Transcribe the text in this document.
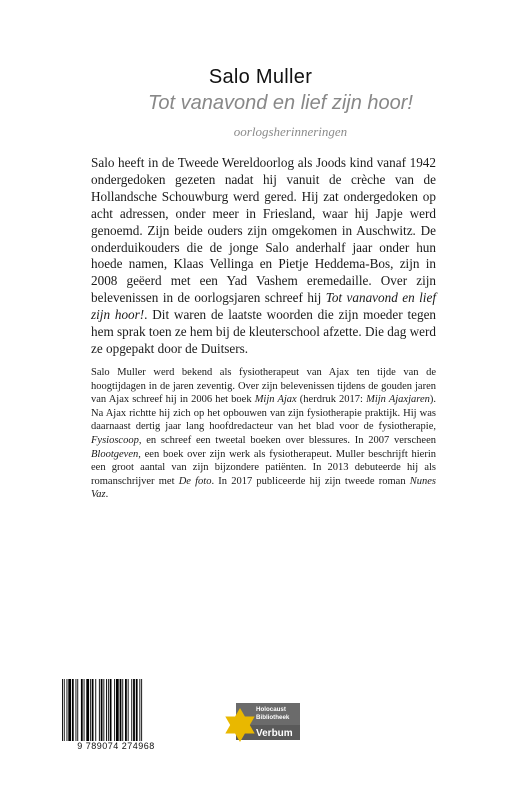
Salo Muller
Tot vanavond en lief zijn hoor!
oorlogsherinneringen

Salo heeft in de Tweede Wereldoorlog als Joods kind vanaf 1942 ondergedoken gezeten nadat hij vanuit de crèche van de Hollandsche Schouwburg werd gered. Hij zat ondergedoken op acht adressen, onder meer in Friesland, waar hij Japje werd genoemd. Zijn beide ouders zijn omgekomen in Auschwitz. De onderduikouders die de jonge Salo anderhalf jaar onder hun hoede namen, Klaas Vellinga en Pietje Heddema-Bos, zijn in 2008 geëerd met een Yad Vashem eremedaille. Over zijn belevenissen in de oorlogsjaren schreef hij Tot vanavond en lief zijn hoor!. Dit waren de laatste woorden die zijn moeder tegen hem sprak toen ze hem bij de kleuterschool afzette. Die dag werd ze opgepakt door de Duitsers.

Salo Muller werd bekend als fysiotherapeut van Ajax ten tijde van de hoogtijdagen in de jaren zeventig. Over zijn belevenissen tijdens de gouden jaren van Ajax schreef hij in 2006 het boek Mijn Ajax (herdruk 2017: Mijn Ajaxjaren). Na Ajax richtte hij zich op het opbouwen van zijn fysiotherapie praktijk. Hij was daarnaast dertig jaar lang hoofdredacteur van het blad voor de fysiotherapie, Fysioscoop, en schreef een tweetal boeken over blessures. In 2007 verscheen Blootgeven, een boek over zijn werk als fysiotherapeut. Muller beschrijft hierin een groot aantal van zijn bijzondere patiënten. In 2013 debuteerde hij als romanschrijver met De foto. In 2017 publiceerde hij zijn tweede roman Nunes Vaz.

9 789074 274968
Holocaust
Bibliotheek
Verbum
